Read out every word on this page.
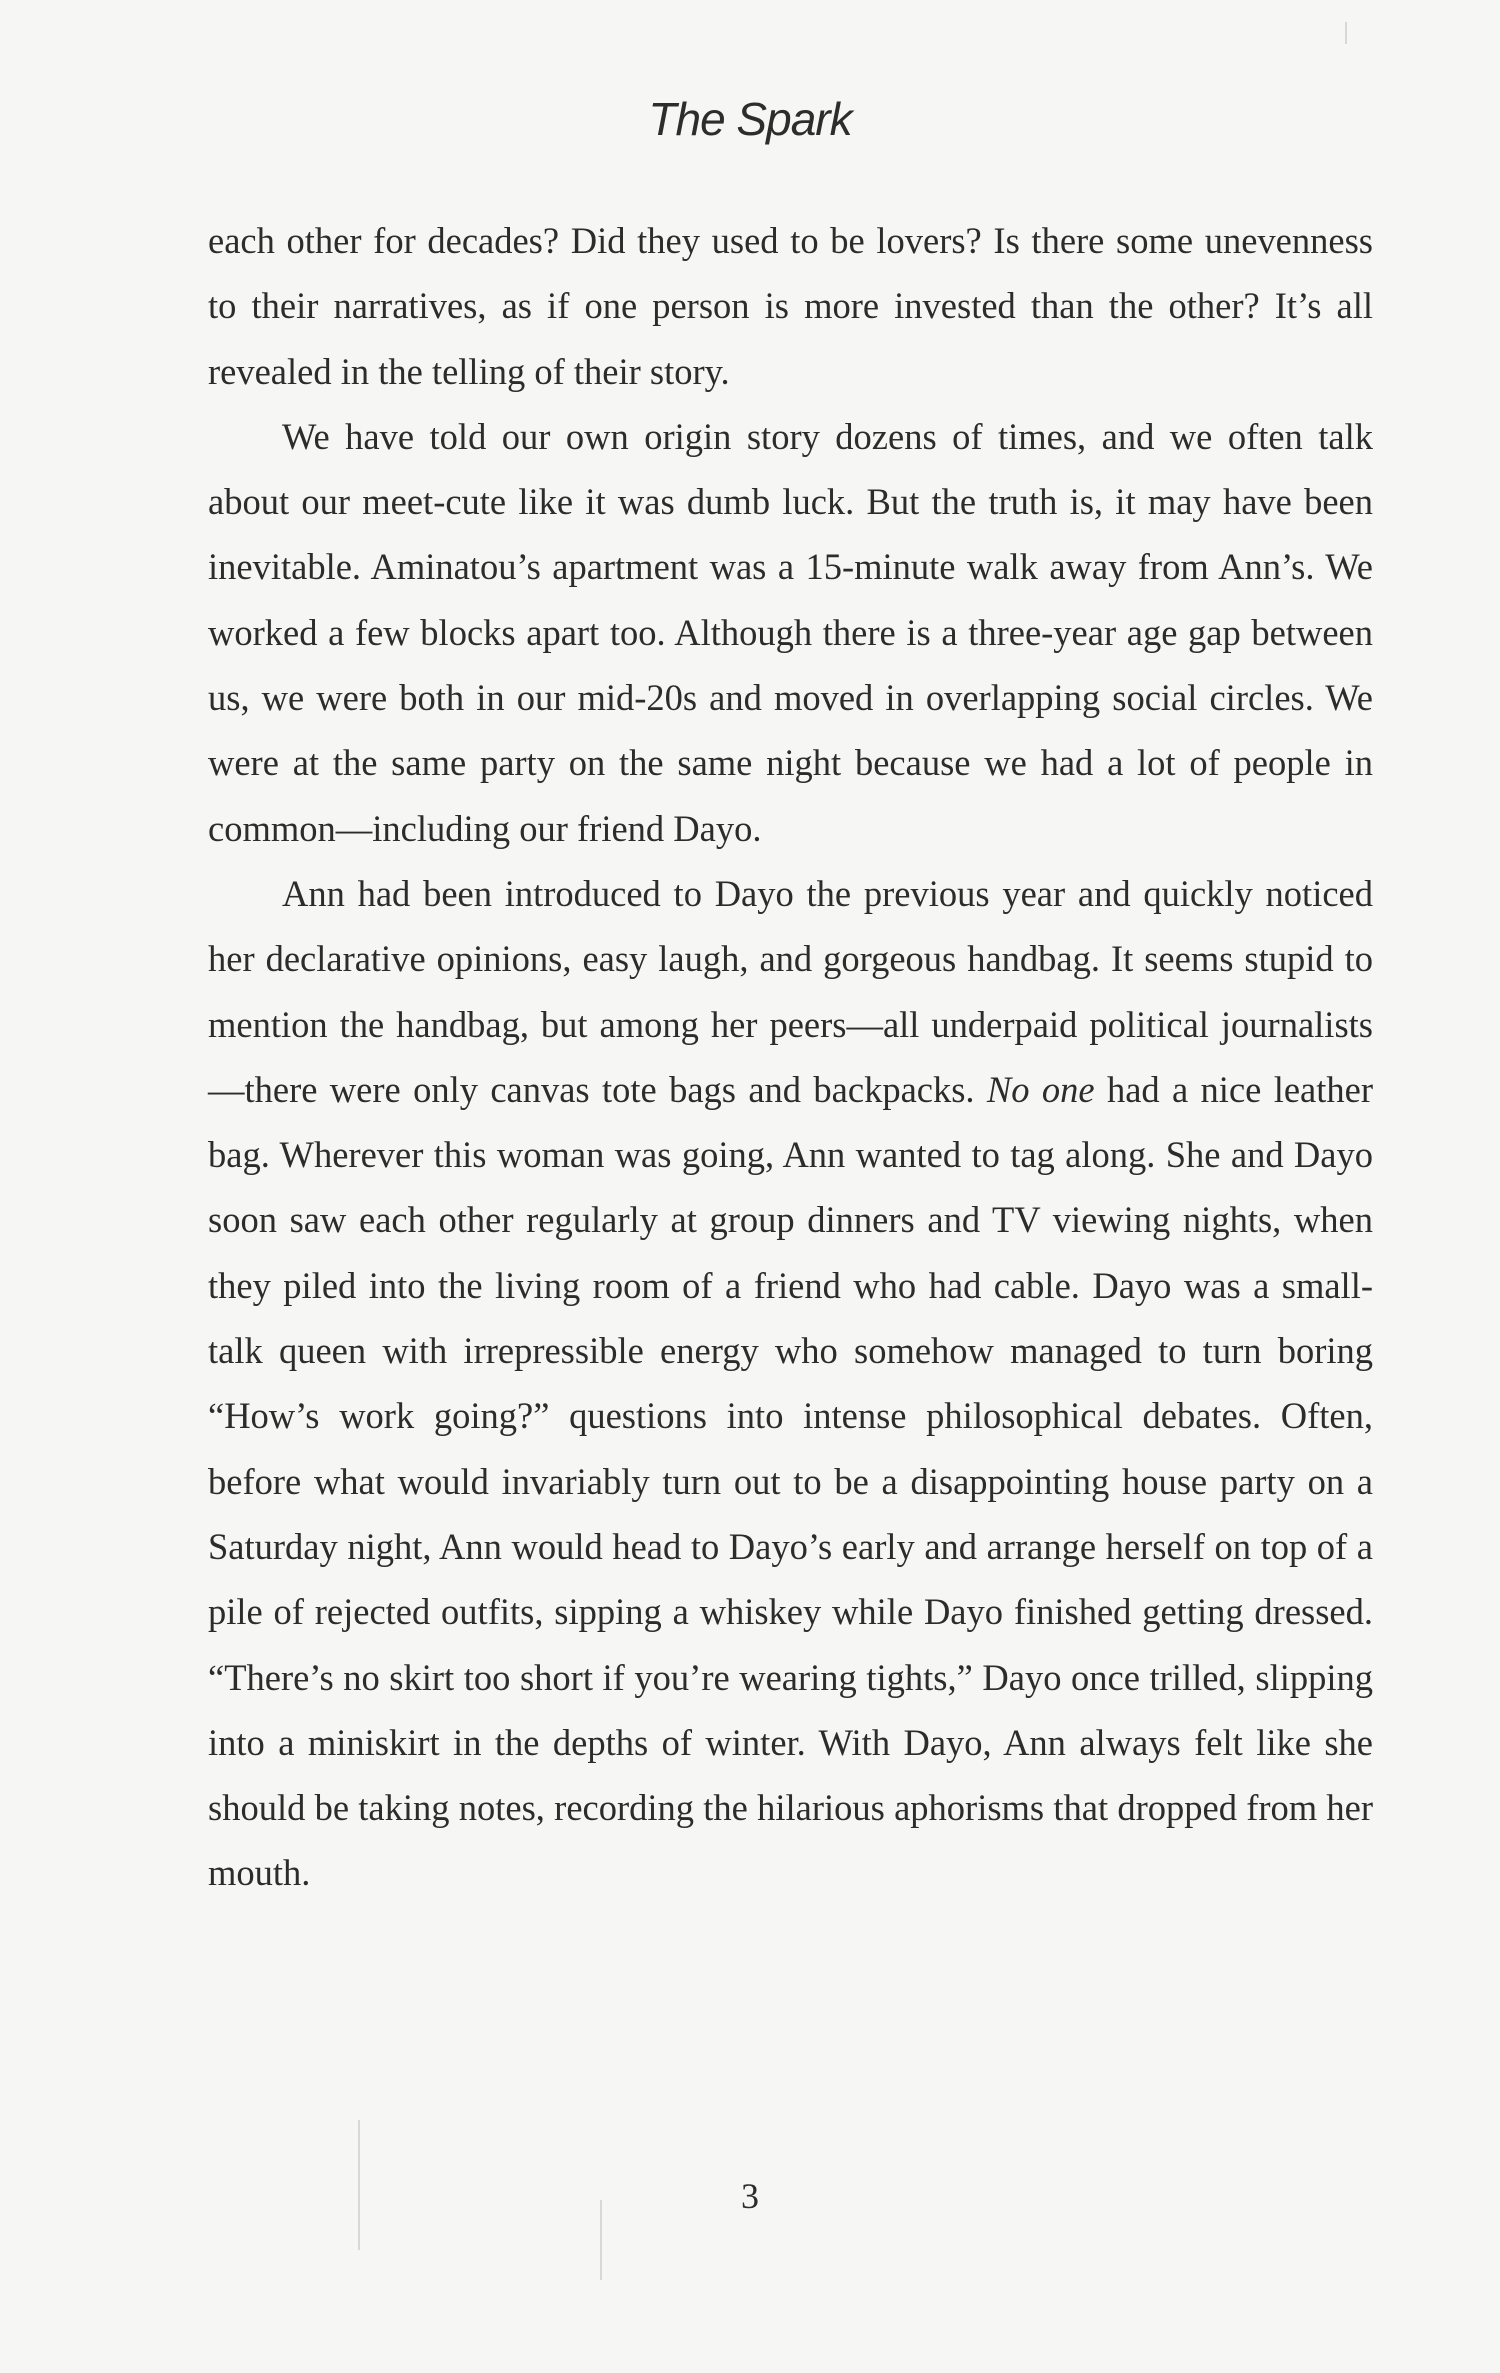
The Spark

each other for decades? Did they used to be lovers? Is there some unevenness to their narratives, as if one person is more invested than the other? It’s all revealed in the telling of their story.

We have told our own origin story dozens of times, and we often talk about our meet-cute like it was dumb luck. But the truth is, it may have been inevitable. Aminatou’s apartment was a 15-minute walk away from Ann’s. We worked a few blocks apart too. Although there is a three-year age gap between us, we were both in our mid-20s and moved in overlapping social circles. We were at the same party on the same night because we had a lot of people in common—including our friend Dayo.

Ann had been introduced to Dayo the previous year and quickly noticed her declarative opinions, easy laugh, and gorgeous handbag. It seems stupid to mention the handbag, but among her peers—all underpaid political journalists—there were only canvas tote bags and backpacks. No one had a nice leather bag. Wherever this woman was going, Ann wanted to tag along. She and Dayo soon saw each other regularly at group dinners and TV viewing nights, when they piled into the living room of a friend who had cable. Dayo was a small-talk queen with irrepressible energy who somehow managed to turn boring “How’s work going?” questions into intense philosophical debates. Often, before what would invariably turn out to be a disappointing house party on a Saturday night, Ann would head to Dayo’s early and arrange herself on top of a pile of rejected outfits, sipping a whiskey while Dayo finished getting dressed. “There’s no skirt too short if you’re wearing tights,” Dayo once trilled, slipping into a miniskirt in the depths of winter. With Dayo, Ann always felt like she should be taking notes, recording the hilarious aphorisms that dropped from her mouth.

3
